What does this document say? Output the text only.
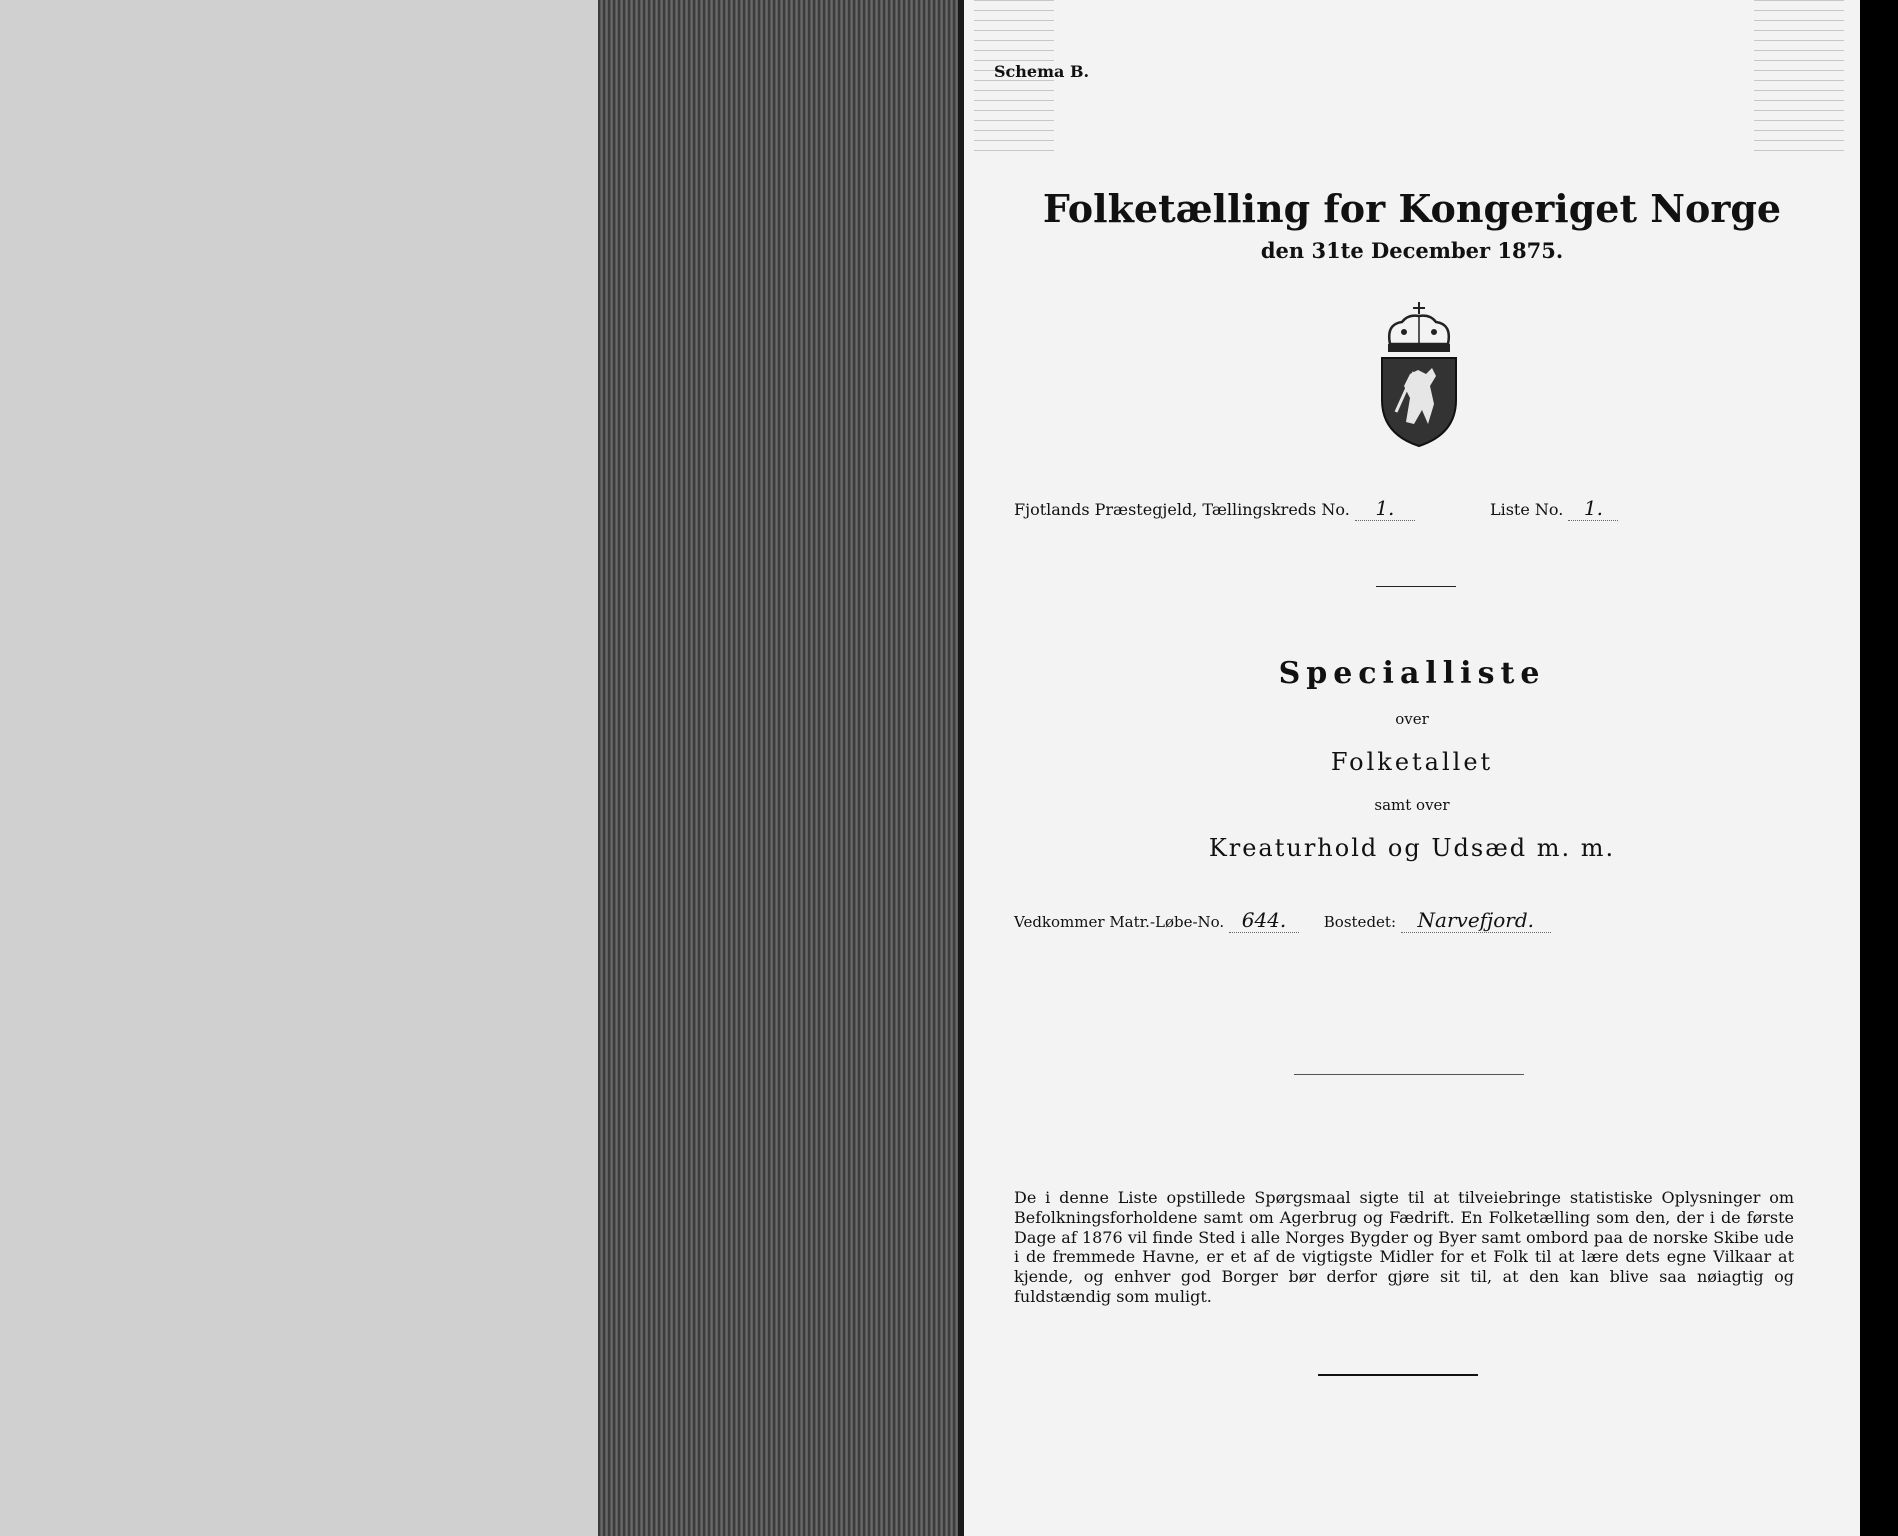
Schema B.
Folketælling for Kongeriget Norge
den 31te December 1875.
Fjotlands Præstegjeld, Tællingskreds No. 1.	Liste No. 1.
Specialliste
over
Folketallet
samt over
Kreaturhold og Udsæd m. m.
Vedkommer Matr.-Løbe-No. 644.	Bostedet: Narvefjord.
De i denne Liste opstillede Spørgsmaal sigte til at tilveiebringe statistiske Oplysninger om Befolkningsforholdene samt om Agerbrug og Fædrift. En Folketælling som den, der i de første Dage af 1876 vil finde Sted i alle Norges Bygder og Byer samt ombord paa de norske Skibe ude i de fremmede Havne, er et af de vigtigste Midler for et Folk til at lære dets egne Vilkaar at kjende, og enhver god Borger bør derfor gjøre sit til, at den kan blive saa nøiagtig og fuldstændig som muligt.
